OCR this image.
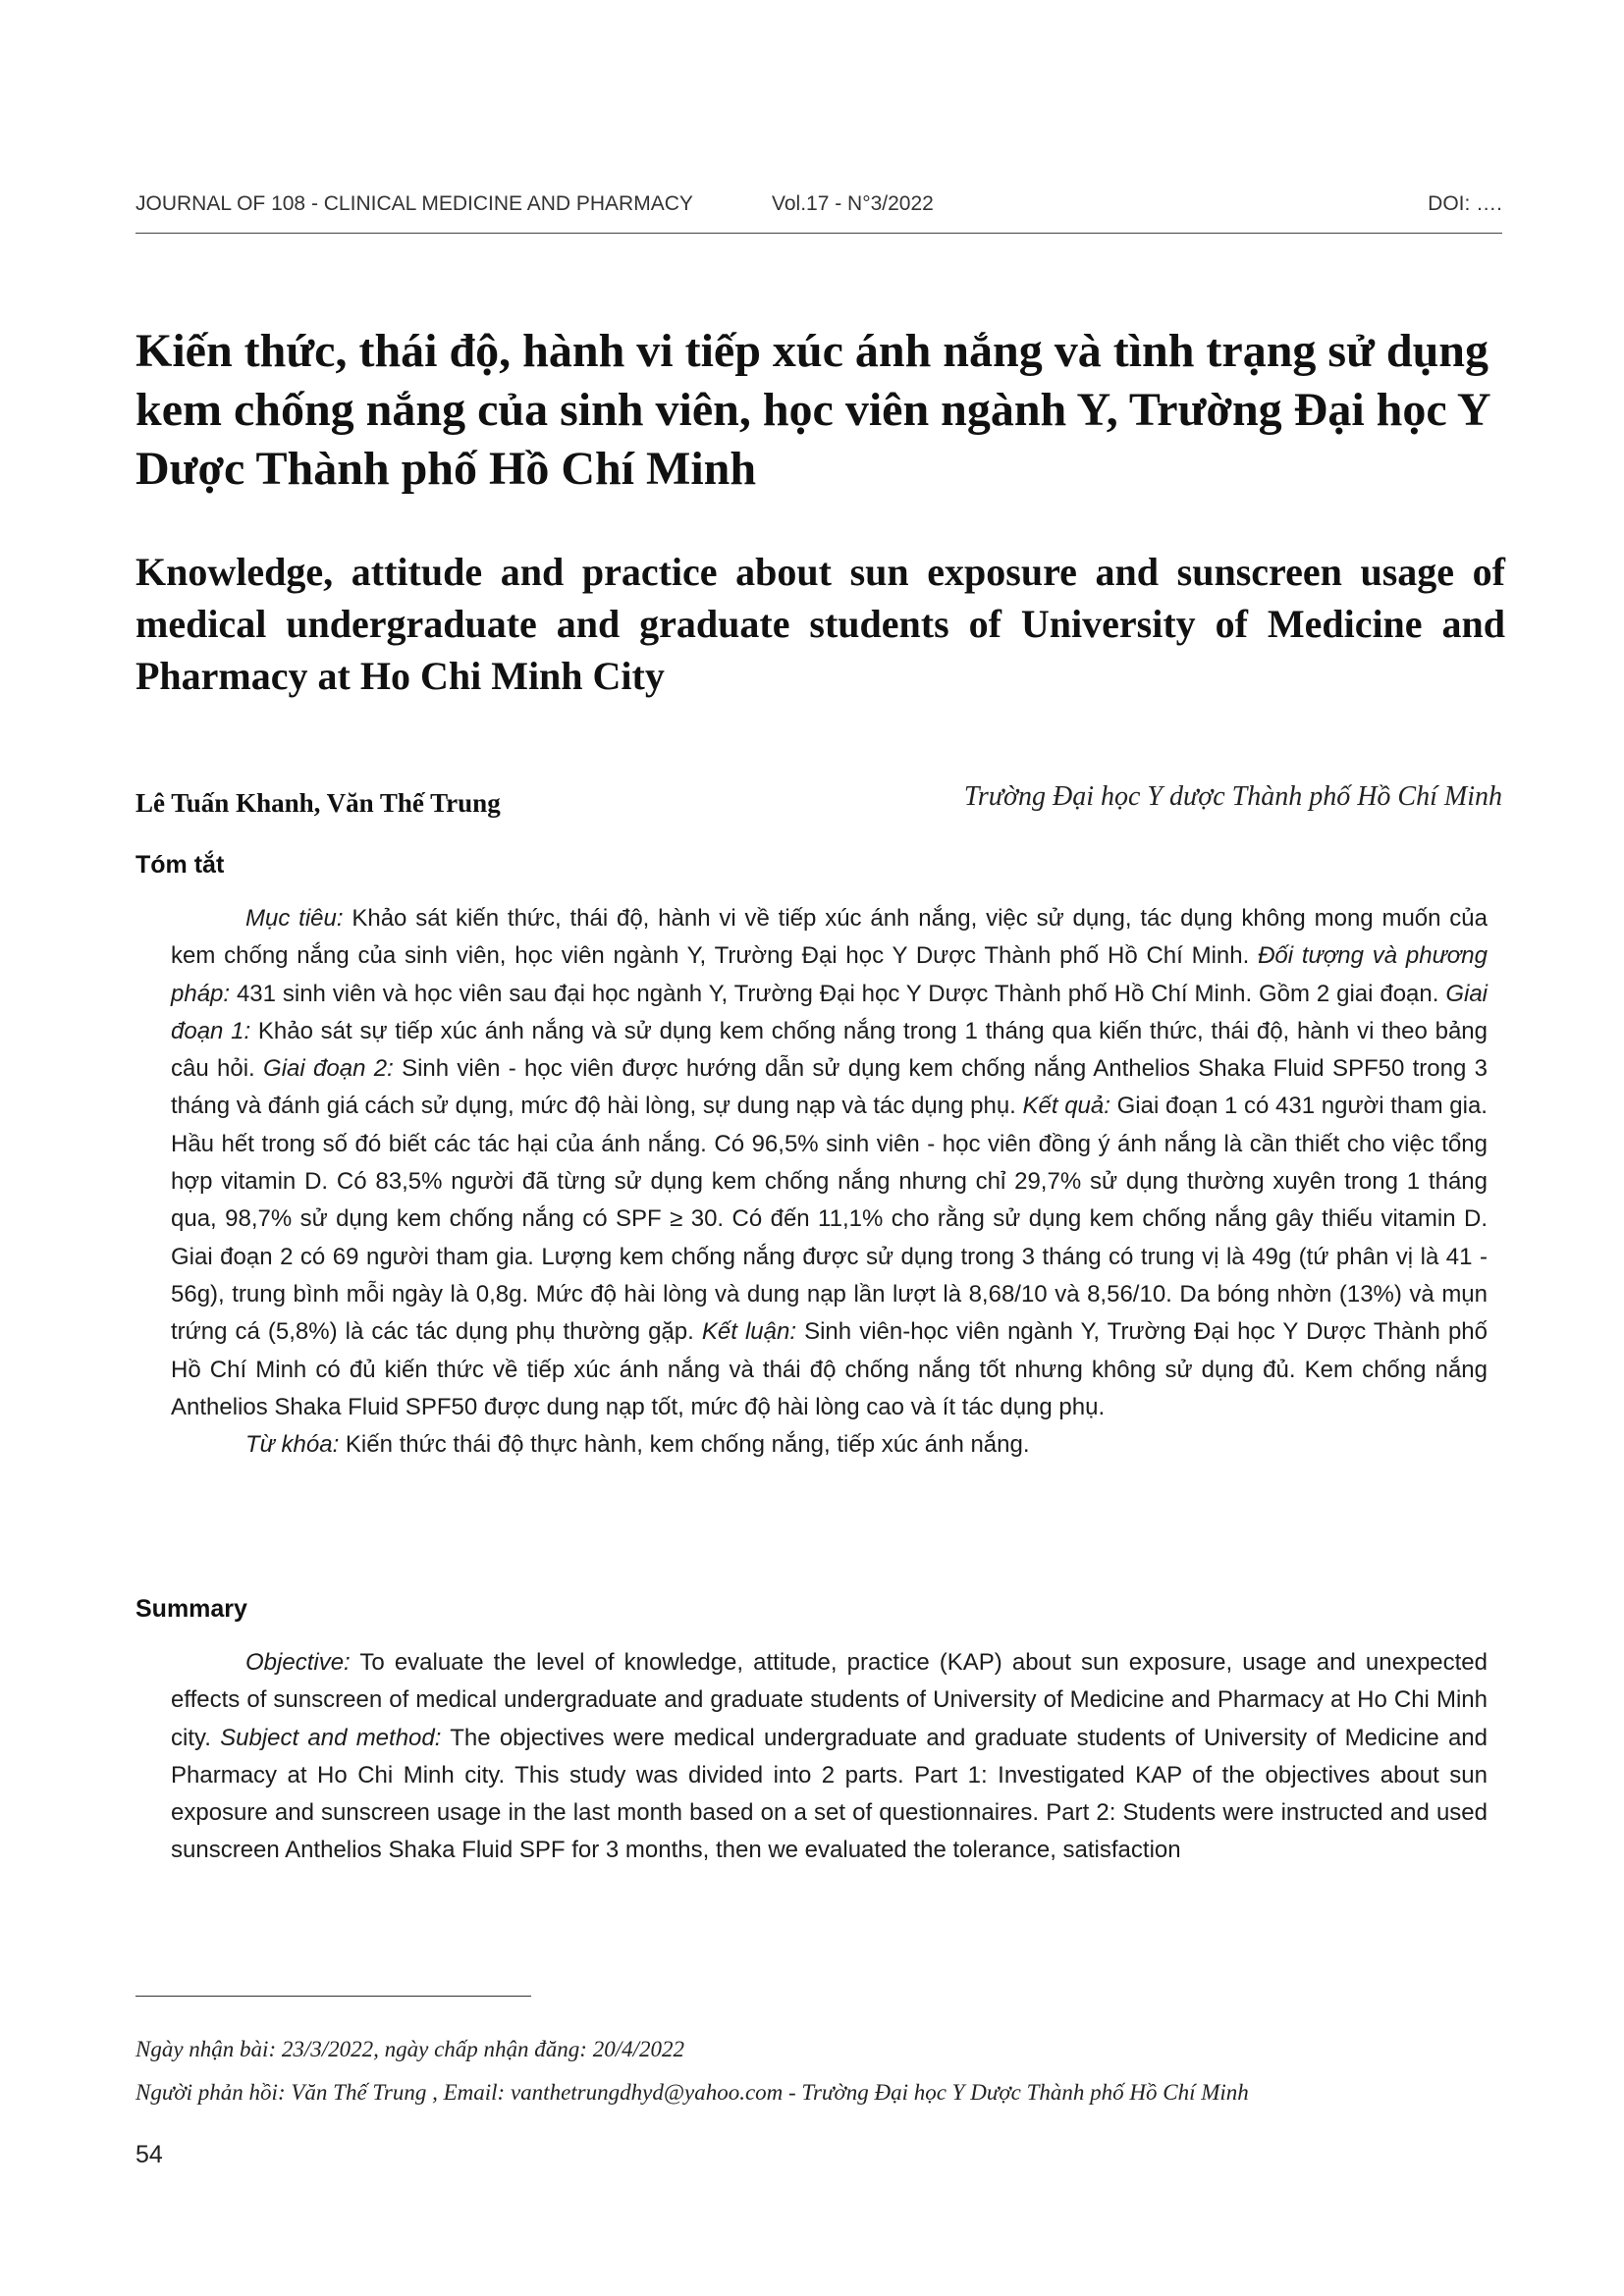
JOURNAL OF 108 - CLINICAL MEDICINE AND PHARMACY	Vol.17 - N°3/2022	DOI: ….
Kiến thức, thái độ, hành vi tiếp xúc ánh nắng và tình trạng sử dụng kem chống nắng của sinh viên, học viên ngành Y, Trường Đại học Y Dược Thành phố Hồ Chí Minh
Knowledge, attitude and practice about sun exposure and sunscreen usage of medical undergraduate and graduate students of University of Medicine and Pharmacy at Ho Chi Minh City
Lê Tuấn Khanh, Văn Thế Trung	Trường Đại học Y dược Thành phố Hồ Chí Minh
Tóm tắt

Mục tiêu: Khảo sát kiến thức, thái độ, hành vi về tiếp xúc ánh nắng, việc sử dụng, tác dụng không mong muốn của kem chống nắng của sinh viên, học viên ngành Y, Trường Đại học Y Dược Thành phố Hồ Chí Minh. Đối tượng và phương pháp: 431 sinh viên và học viên sau đại học ngành Y, Trường Đại học Y Dược Thành phố Hồ Chí Minh. Gồm 2 giai đoạn. Giai đoạn 1: Khảo sát sự tiếp xúc ánh nắng và sử dụng kem chống nắng trong 1 tháng qua kiến thức, thái độ, hành vi theo bảng câu hỏi. Giai đoạn 2: Sinh viên - học viên được hướng dẫn sử dụng kem chống nắng Anthelios Shaka Fluid SPF50 trong 3 tháng và đánh giá cách sử dụng, mức độ hài lòng, sự dung nạp và tác dụng phụ. Kết quả: Giai đoạn 1 có 431 người tham gia. Hầu hết trong số đó biết các tác hại của ánh nắng. Có 96,5% sinh viên - học viên đồng ý ánh nắng là cần thiết cho việc tổng hợp vitamin D. Có 83,5% người đã từng sử dụng kem chống nắng nhưng chỉ 29,7% sử dụng thường xuyên trong 1 tháng qua, 98,7% sử dụng kem chống nắng có SPF ≥ 30. Có đến 11,1% cho rằng sử dụng kem chống nắng gây thiếu vitamin D. Giai đoạn 2 có 69 người tham gia. Lượng kem chống nắng được sử dụng trong 3 tháng có trung vị là 49g (tứ phân vị là 41 - 56g), trung bình mỗi ngày là 0,8g. Mức độ hài lòng và dung nạp lần lượt là 8,68/10 và 8,56/10. Da bóng nhờn (13%) và mụn trứng cá (5,8%) là các tác dụng phụ thường gặp. Kết luận: Sinh viên-học viên ngành Y, Trường Đại học Y Dược Thành phố Hồ Chí Minh có đủ kiến thức về tiếp xúc ánh nắng và thái độ chống nắng tốt nhưng không sử dụng đủ. Kem chống nắng Anthelios Shaka Fluid SPF50 được dung nạp tốt, mức độ hài lòng cao và ít tác dụng phụ.

Từ khóa: Kiến thức thái độ thực hành, kem chống nắng, tiếp xúc ánh nắng.

Summary

Objective: To evaluate the level of knowledge, attitude, practice (KAP) about sun exposure, usage and unexpected effects of sunscreen of medical undergraduate and graduate students of University of Medicine and Pharmacy at Ho Chi Minh city. Subject and method: The objectives were medical undergraduate and graduate students of University of Medicine and Pharmacy at Ho Chi Minh city. This study was divided into 2 parts. Part 1: Investigated KAP of the objectives about sun exposure and sunscreen usage in the last month based on a set of questionnaires. Part 2: Students were instructed and used sunscreen Anthelios Shaka Fluid SPF for 3 months, then we evaluated the tolerance, satisfaction

Ngày nhận bài: 23/3/2022, ngày chấp nhận đăng: 20/4/2022

Người phản hồi: Văn Thế Trung , Email: vanthetrungdhyd@yahoo.com - Trường Đại học Y Dược Thành phố Hồ Chí Minh

54
